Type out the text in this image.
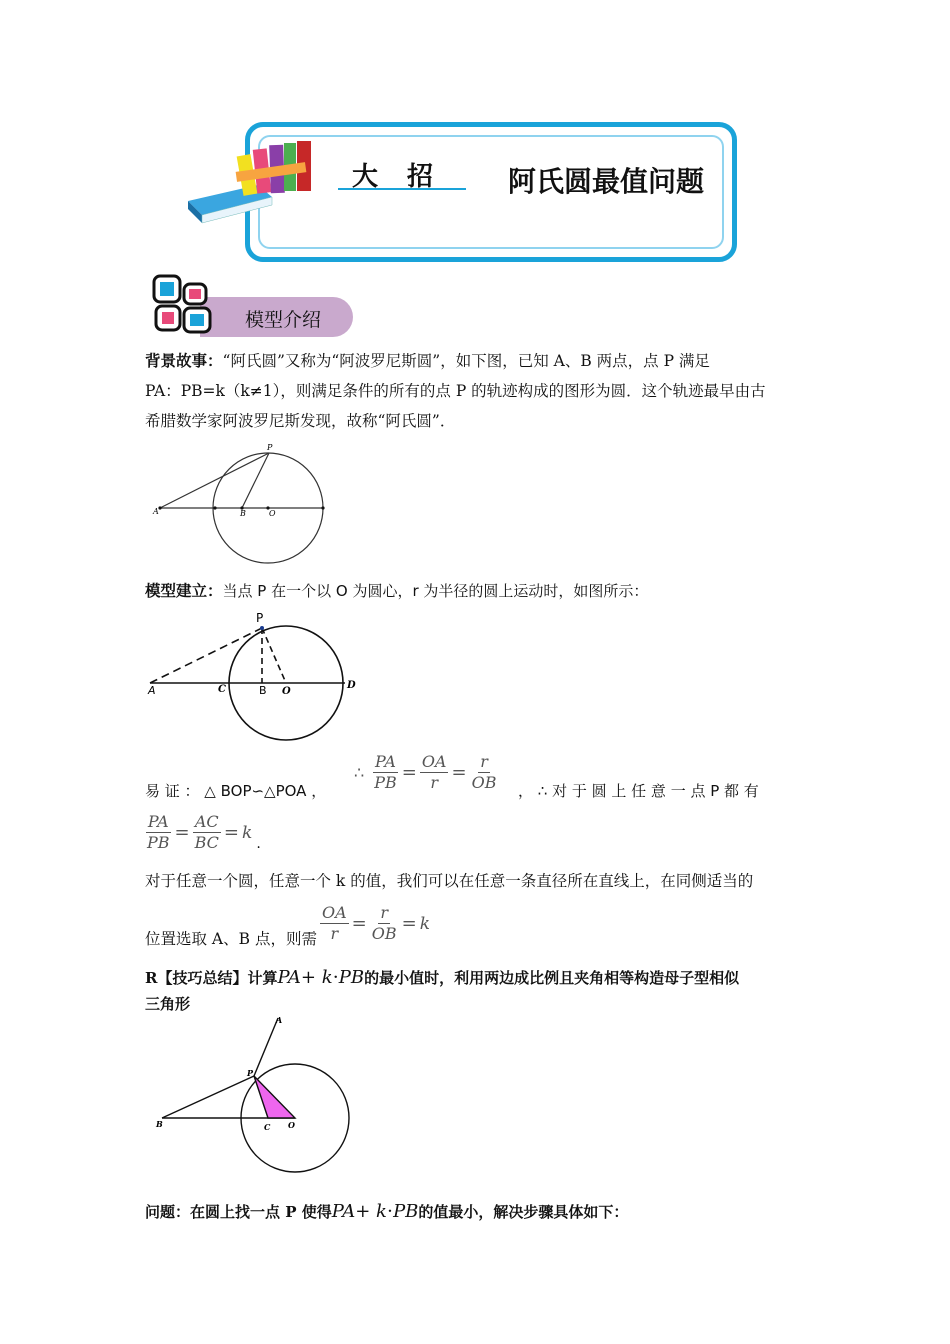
大 招 阿氏圆最值问题
模型介绍
背景故事：“阿氏圆”又称为“阿波罗尼斯圆”，如下图，已知 A、B 两点，点 P 满足
PA：PB=k（k≠1），则满足条件的所有的点 P 的轨迹构成的图形为圆．这个轨迹最早由古
希腊数学家阿波罗尼斯发现，故称“阿氏圆”．
P
A	B	O
模型建立：当点 P 在一个以 O 为圆心，r 为半径的圆上运动时，如图所示：
P
A	C	B O
D
易 证 ： △ BOP∽△POA ，
∴ $\frac{PA}{PB} = \frac{OA}{r} = \frac{r}{OB}$ ， ∴ 对 于 圆 上 任 意 一 点 P 都 有
$\frac{PA}{PB} = \frac{AC}{BC} = k$
.
对于任意一个圆，任意一个 k 的值，我们可以在任意一条直径所在直线上，在同侧适当的
位置选取 A、B 点，则需 $\frac{OA}{r} = \frac{r}{OB} = k$
R【技巧总结】计算PA+ k⋅PB的最小值时，利用两边成比例且夹角相等构造母子型相似
三角形
A
P
B	C O
问题：在圆上找一点 P 使得PA+ k⋅PB的值最小，解决步骤具体如下：
